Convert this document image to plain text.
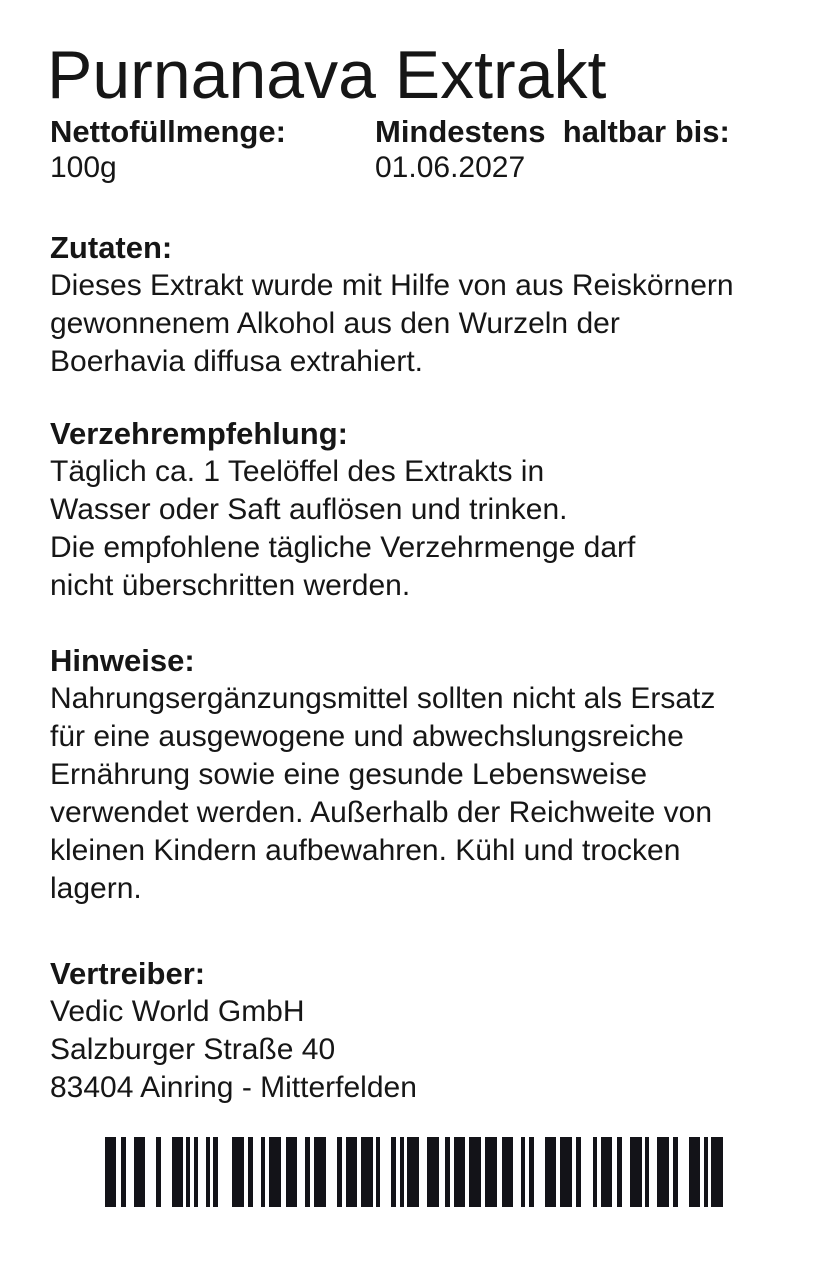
Purnanava Extrakt
Nettofüllmenge:
100g
Mindestens  haltbar bis:
01.06.2027
Zutaten:

Dieses Extrakt wurde mit Hilfe von aus Reiskörnern

gewonnenem Alkohol aus den Wurzeln der

Boerhavia diffusa extrahiert.

Verzehrempfehlung:

Täglich ca. 1 Teelöffel des Extrakts in

Wasser oder Saft auflösen und trinken.

Die empfohlene tägliche Verzehrmenge darf

nicht überschritten werden.

Hinweise:

Nahrungsergänzungsmittel sollten nicht als Ersatz

für eine ausgewogene und abwechslungsreiche

Ernährung sowie eine gesunde Lebensweise

verwendet werden. Außerhalb der Reichweite von

kleinen Kindern aufbewahren. Kühl und trocken

lagern.

Vertreiber:

Vedic World GmbH

Salzburger Straße 40

83404 Ainring - Mitterfelden
